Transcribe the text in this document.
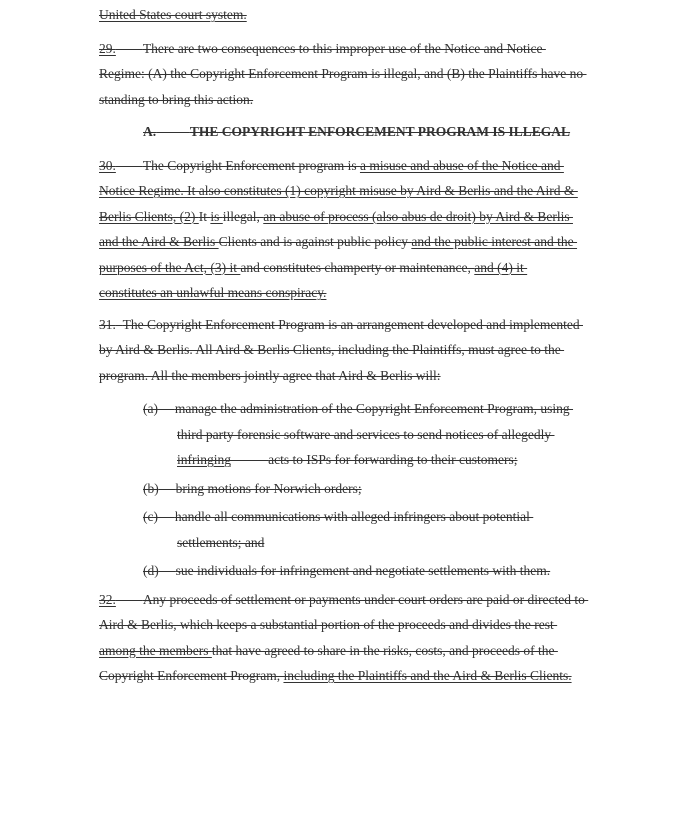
United States court system.

29. There are two consequences to this improper use of the Notice and Notice
Regime: (A) the Copyright Enforcement Program is illegal, and (B) the Plaintiffs have no
standing to bring this action.

A.	THE COPYRIGHT ENFORCEMENT PROGRAM IS ILLEGAL

30. The Copyright Enforcement program is a misuse and abuse of the Notice and
Notice Regime. It also constitutes (1) copyright misuse by Aird & Berlis and the Aird &
Berlis Clients, (2) It is illegal, an abuse of process (also abus de droit) by Aird & Berlis
and the Aird & Berlis Clients and is against public policy and the public interest and the
purposes of the Act, (3) it and constitutes champerty or maintenance, and (4) it
constitutes an unlawful means conspiracy.

31. The Copyright Enforcement Program is an arrangement developed and implemented
by Aird & Berlis. All Aird & Berlis Clients, including the Plaintiffs, must agree to the
program. All the members jointly agree that Aird & Berlis will:

(a) manage the administration of the Copyright Enforcement Program, using
third party forensic software and services to send notices of allegedly
infringing	acts to ISPs for forwarding to their customers;

(b) bring motions for Norwich orders;

(c) handle all communications with alleged infringers about potential
settlements; and

(d) sue individuals for infringement and negotiate settlements with them.

32. Any proceeds of settlement or payments under court orders are paid or directed to
Aird & Berlis, which keeps a substantial portion of the proceeds and divides the rest
among the members that have agreed to share in the risks, costs, and proceeds of the
Copyright Enforcement Program, including the Plaintiffs and the Aird & Berlis Clients.
